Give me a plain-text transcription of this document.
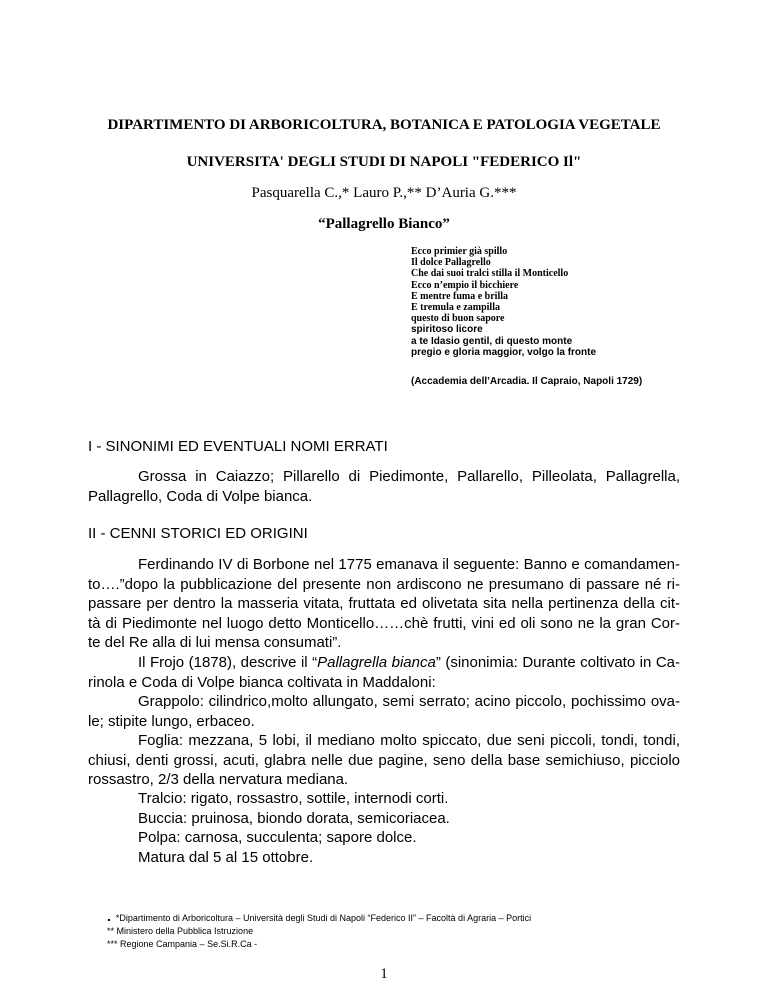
DIPARTIMENTO DI ARBORICOLTURA, BOTANICA E PATOLOGIA VEGETALE
UNIVERSITA' DEGLI STUDI DI NAPOLI "FEDERICO Il"
Pasquarella C.,* Lauro P.,** D’Auria G.***
“Pallagrello Bianco”
Ecco primier già spillo
Il dolce Pallagrello
Che dai suoi tralci stilla il Monticello
Ecco n’empio il bicchiere
E mentre fuma e brilla
E tremula e zampilla
questo di buon sapore
spiritoso licore
a te Idasio gentil, di questo monte
pregio e gloria maggior, volgo la fronte
(Accademia dell’Arcadia. Il Capraio, Napoli 1729)
I - SINONIMI ED EVENTUALI NOMI ERRATI
Grossa in Caiazzo; Pillarello di Piedimonte, Pallarello, Pilleolata, Pallagrella,
Pallagrello, Coda di Volpe bianca.
II - CENNI STORICI ED ORIGINI
Ferdinando IV di Borbone nel 1775 emanava il seguente: Banno e comandamen-
to….”dopo la pubblicazione del presente non ardiscono ne presumano di passare né ri-
passare per dentro la masseria vitata, fruttata ed olivetata sita nella pertinenza della cit-
tà di Piedimonte nel luogo detto Monticello……chè frutti, vini ed oli sono ne la gran Cor-
te del Re alla di lui mensa consumati”.
Il Frojo (1878), descrive il “Pallagrella bianca” (sinonimia: Durante coltivato in Ca-
rinola e Coda di Volpe bianca coltivata in Maddaloni:
Grappolo: cilindrico,molto allungato, semi serrato; acino piccolo, pochissimo ova-
le; stipite lungo, erbaceo.
Foglia: mezzana, 5 lobi, il mediano molto spiccato, due seni piccoli, tondi, tondi,
chiusi, denti grossi, acuti, glabra nelle due pagine, seno della base semichiuso, picciolo
rossastro, 2/3 della nervatura mediana.
Tralcio: rigato, rossastro, sottile, internodi corti.
Buccia: pruinosa, biondo dorata, semicoriacea.
Polpa: carnosa, succulenta; sapore dolce.
Matura dal 5 al 15 ottobre.
. *Dipartimento di Arboricoltura – Università degli Studi di Napoli “Federico II” – Facoltà di Agraria – Portici
** Ministero della Pubblica Istruzione
*** Regione Campania – Se.Si.R.Ca -
1
